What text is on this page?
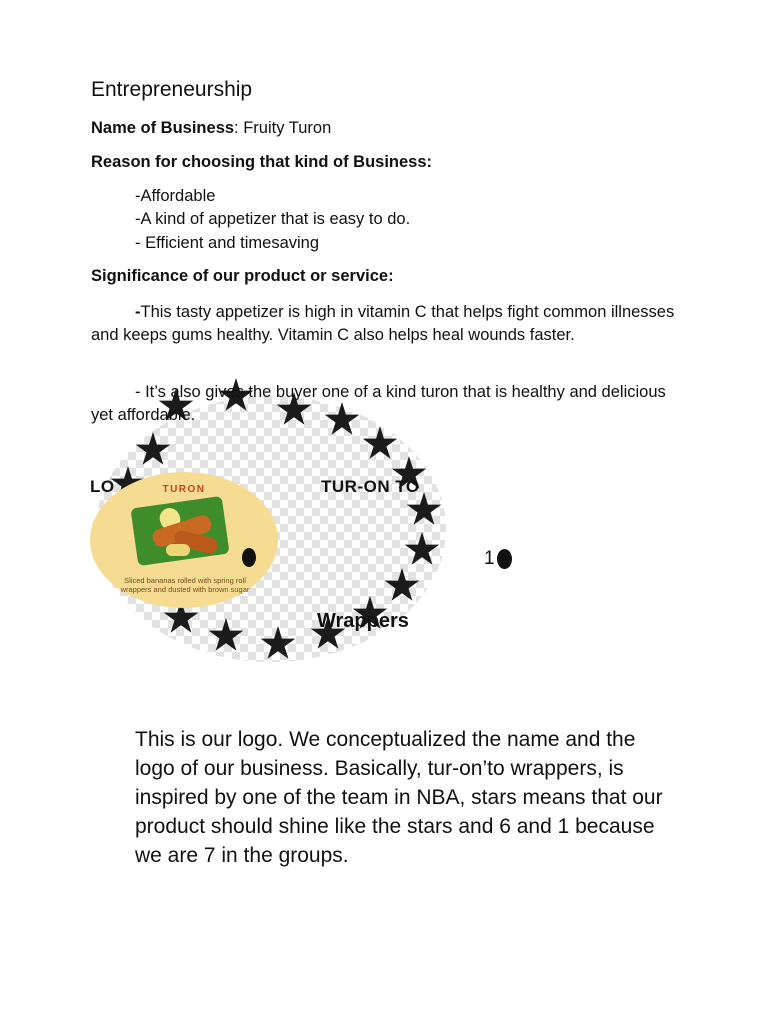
Entrepreneurship
Name of Business: Fruity Turon
Reason for choosing that kind of Business:
-Affordable
-A kind of appetizer that is easy to do.
- Efficient and timesaving
Significance of our product or service:
-This tasty appetizer is high in vitamin C that helps fight common illnesses and keeps gums healthy. Vitamin C also helps heal wounds faster.
TURON
Sliced bananas rolled with spring roll wrappers and dusted with brown sugar
LO	TUR-ON TO
Wrappers
1
- It’s also gives the buyer one of a kind turon that is healthy and delicious yet affordable.
This is our logo. We conceptualized the name and the logo of our business. Basically, tur-on’to wrappers, is inspired by one of the team in NBA, stars means that our product should shine like the stars and 6 and 1 because we are 7 in the groups.
